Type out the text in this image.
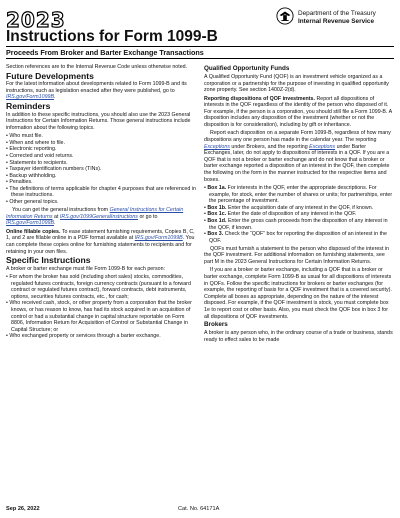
2023	Department of the Treasury
Internal Revenue Service
Instructions for Form 1099-B
Proceeds From Broker and Barter Exchange Transactions

Section references are to the Internal Revenue Code unless otherwise noted.

Future Developments

For the latest information about developments related to Form 1099-B and its instructions, such as legislation enacted after they were published, go to IRS.gov/Form1099B.

Reminders

In addition to these specific instructions, you should also use the 2023 General Instructions for Certain Information Returns. Those general instructions include information about the following topics.

• Who must file.
• When and where to file.
• Electronic reporting.
• Corrected and void returns.
• Statements to recipients.
• Taxpayer identification numbers (TINs).
• Backup withholding.
• Penalties.
• The definitions of terms applicable for chapter 4 purposes that are referenced in these instructions.
• Other general topics.

You can get the general instructions from General Instructions for Certain Information Returns at IRS.gov/1099GeneralInstructions or go to IRS.gov/Form1099B.

Online fillable copies. To ease statement furnishing requirements, Copies B, C, 1, and 2 are fillable online in a PDF format available at IRS.gov/Form1099B. You can complete these copies online for furnishing statements to recipients and for retaining in your own files.

Specific Instructions

A broker or barter exchange must file Form 1099-B for each person:

• For whom the broker has sold (including short sales) stocks, commodities, regulated futures contracts, foreign currency contracts (pursuant to a forward contract or regulated futures contract), forward contracts, debt instruments, options, securities futures contracts, etc., for cash;
• Who received cash, stock, or other property from a corporation that the broker knows, or has reason to know, has had its stock acquired in an acquisition of control or had a substantial change in capital structure reportable on Form 8806, Information Return for Acquisition of Control or Substantial Change in Capital Structure; or
• Who exchanged property or services through a barter exchange.
Qualified Opportunity Funds

A Qualified Opportunity Fund (QOF) is an investment vehicle organized as a corporation or a partnership for the purpose of investing in qualified opportunity zone property. See section 1400Z-2(d).

Reporting dispositions of QOF investments. Report all dispositions of interests in the QOF regardless of the identity of the person who disposed of it. For example, if the person is a corporation, you should still file a Form 1099-B. A disposition includes any disposition of the investment (whether or not the disposition is for consideration), including by gift or inheritance.

Report each disposition on a separate Form 1099-B, regardless of how many dispositions any one person has made in the calendar year. The reporting Exceptions under Brokers, and the reporting Exceptions under Barter Exchanges, later, do not apply to dispositions of interests in a QOF. If you are a QOF that is not a broker or barter exchange and do not know that a broker or barter exchange reported a disposition of an interest in the QOF, then complete the following on the form in the manner instructed for the respective items and boxes.

• Box 1a. For interests in the QOF, enter the appropriate descriptions. For example, for stock, enter the number of shares or units; for partnerships, enter the percentage of investment.
• Box 1b. Enter the acquisition date of any interest in the QOF, if known.
• Box 1c. Enter the date of disposition of any interest in the QOF.
• Box 1d. Enter the gross cash proceeds from the disposition of any interest in the QOF, if known.
• Box 3. Check the “QOF” box for reporting the disposition of an interest in the QOF.

QOFs must furnish a statement to the person who disposed of the interest in the QOF investment. For additional information on furnishing statements, see part M in the 2023 General Instructions for Certain Information Returns.

If you are a broker or barter exchange, including a QOF that is a broker or barter exchange, complete Form 1099-B as usual for all dispositions of interests in QOFs. Follow the specific instructions for brokers or barter exchanges (for example, the reporting of basis for a QOF investment that is a covered security). Complete all boxes as appropriate, depending on the nature of the interest disposed. For example, if the QOF investment is stock, you must complete box 1e to report cost or other basis. Also, you must check the QOF box in box 3 for all dispositions of QOF investments.

Brokers

A broker is any person who, in the ordinary course of a trade or business, stands ready to effect sales to be made

Sep 26, 2022	Cat. No. 64171A
